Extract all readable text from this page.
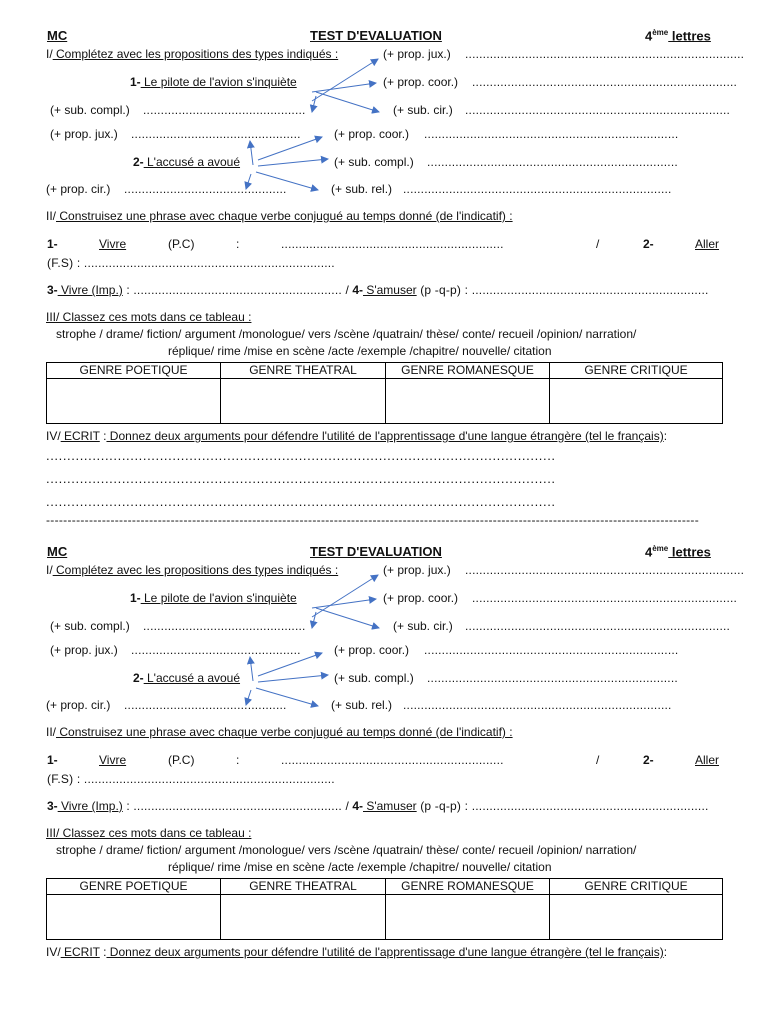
MC	TEST D'EVALUATION	4ème lettres
I/ Complétez avec les propositions des types indiqués :	(+ prop. jux.) ...............................................................................
1- Le pilote de l'avion s'inquiète	(+ prop. coor.) ...........................................................................
(+ sub. compl.) ..............................................	(+ sub. cir.) ...........................................................................
(+ prop. jux.) ................................................	(+ prop. coor.) ........................................................................
2- L'accusé a avoué	(+ sub. compl.) .......................................................................
(+ prop. cir.) ..............................................	(+ sub. rel.) ............................................................................
II/ Construisez une phrase avec chaque verbe conjugué au temps donné (de l'indicatif) :
1-	Vivre	(P.C)	:	...............................................................	/	2-	Aller
(F.S) : .......................................................................
3- Vivre (Imp.) : ........................................................... / 4- S'amuser (p -q-p) : ...................................................................
III/ Classez ces mots dans ce tableau :
strophe / drame/ fiction/ argument /monologue/ vers /scène /quatrain/ thèse/ conte/ recueil /opinion/ narration/
réplique/ rime /mise en scène /acte /exemple /chapitre/ nouvelle/ citation
GENRE POETIQUE	GENRE THEATRAL	GENRE ROMANESQUE	GENRE CRITIQUE

IV/ ECRIT : Donnez deux arguments pour défendre l'utilité de l'apprentissage d'une langue étrangère (tel le français):
.........................................................................................................................
.........................................................................................................................
.........................................................................................................................
--------------------------------------------------------------------------------------------------------------------------------------------------------
MC	TEST D'EVALUATION	4ème lettres
I/ Complétez avec les propositions des types indiqués :	(+ prop. jux.) ...............................................................................
1- Le pilote de l'avion s'inquiète	(+ prop. coor.) ...........................................................................
(+ sub. compl.) ..............................................	(+ sub. cir.) ...........................................................................
(+ prop. jux.) ................................................	(+ prop. coor.) ........................................................................
2- L'accusé a avoué	(+ sub. compl.) .......................................................................
(+ prop. cir.) ..............................................	(+ sub. rel.) ............................................................................
II/ Construisez une phrase avec chaque verbe conjugué au temps donné (de l'indicatif) :
1-	Vivre	(P.C)	:	...............................................................	/	2-	Aller
(F.S) : .......................................................................
3- Vivre (Imp.) : ........................................................... / 4- S'amuser (p -q-p) : ...................................................................
III/ Classez ces mots dans ce tableau :
strophe / drame/ fiction/ argument /monologue/ vers /scène /quatrain/ thèse/ conte/ recueil /opinion/ narration/
réplique/ rime /mise en scène /acte /exemple /chapitre/ nouvelle/ citation
GENRE POETIQUE	GENRE THEATRAL	GENRE ROMANESQUE	GENRE CRITIQUE

IV/ ECRIT : Donnez deux arguments pour défendre l'utilité de l'apprentissage d'une langue étrangère (tel le français):
